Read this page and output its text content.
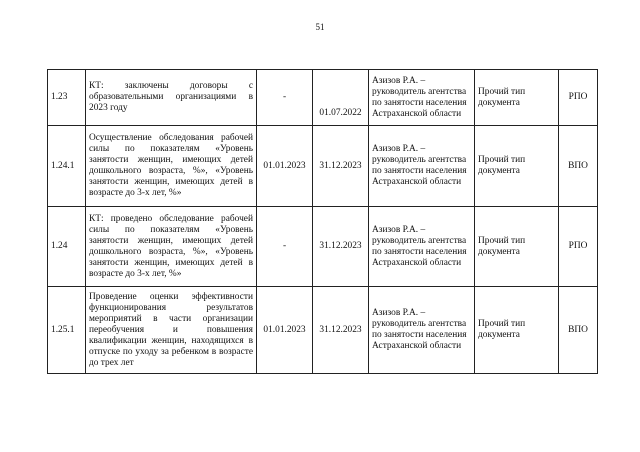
51
1.23	КТ: заключены договоры с образовательными организациями в 2023 году	-	01.07.2022	Азизов Р.А. – руководитель агентства по занятости населения Астраханской области	Прочий тип документа	РПО
1.24.1	Осуществление обследования рабочей силы по показателям «Уровень занятости женщин, имеющих детей дошкольного возраста, %», «Уровень занятости женщин, имеющих детей в возрасте до 3-х лет, %»	01.01.2023	31.12.2023	Азизов Р.А. – руководитель агентства по занятости населения Астраханской области	Прочий тип документа	ВПО
1.24	КТ: проведено обследование рабочей силы по показателям «Уровень занятости женщин, имеющих детей дошкольного возраста, %», «Уровень занятости женщин, имеющих детей в возрасте до 3-х лет, %»	-	31.12.2023	Азизов Р.А. – руководитель агентства по занятости населения Астраханской области	Прочий тип документа	РПО
1.25.1	Проведение оценки эффективности функционирования результатов мероприятий в части организации переобучения и повышения квалификации женщин, находящихся в отпуске по уходу за ребенком в возрасте до трех лет	01.01.2023	31.12.2023	Азизов Р.А. – руководитель агентства по занятости населения Астраханской области	Прочий тип документа	ВПО
